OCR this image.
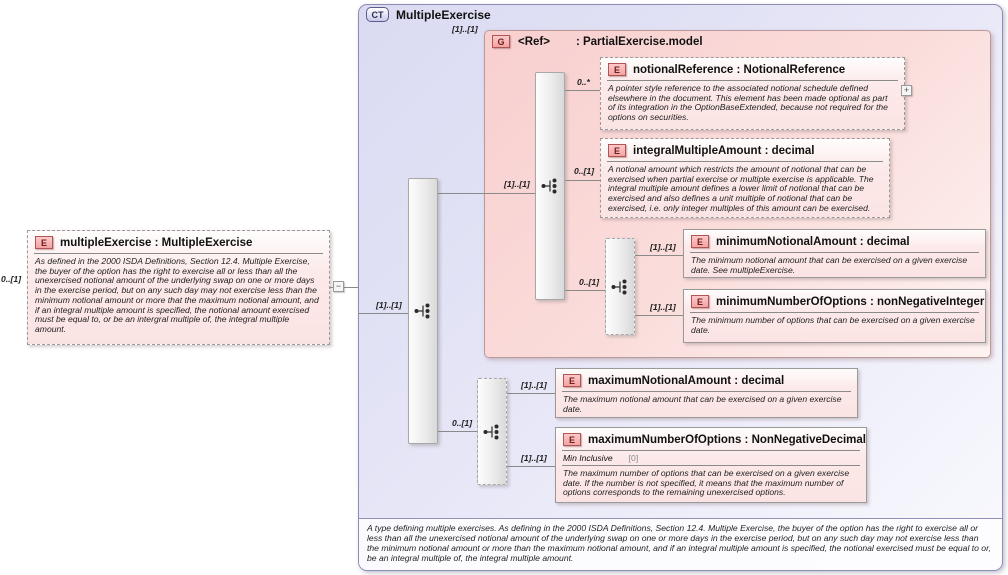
CT	MultipleExercise
G	<Ref> : PartialExercise.model
E	multipleExercise : MultipleExercise
As defined in the 2000 ISDA Definitions, Section 12.4. Multiple Exercise, the buyer of the option has the right to exercise all or less than all the unexercised notional amount of the underlying swap on one or more days in the exercise period, but on any such day may not exercise less than the minimum notional amount or more that the maximum notional amount, and if an integral multiple amount is specified, the notional amount exercised must be equal to, or be an intergral multiple of, the integral multiple amount.
0..[1]
−
[1]..[1]
[1]..[1]
[1]..[1]
0..*
E	notionalReference : NotionalReference
A pointer style reference to the associated notional schedule defined elsewhere in the document. This element has been made optional as part of its integration in the OptionBaseExtended, because not required for the options on securities.
+
0..[1]
E	integralMultipleAmount : decimal
A notional amount which restricts the amount of notional that can be exercised when partial exercise or multiple exercise is applicable. The integral multiple amount defines a lower limit of notional that can be exercised and also defines a unit multiple of notional that can be exercised, i.e. only integer multiples of this amount can be exercised.
0..[1]
[1]..[1]
E	minimumNotionalAmount : decimal
The minimum notional amount that can be exercised on a given exercise date. See multipleExercise.
[1]..[1]
E	minimumNumberOfOptions : nonNegativeInteger
The minimum number of options that can be exercised on a given exercise date.
0..[1]
[1]..[1]	E	maximumNotionalAmount : decimal
The maximum notional amount that can be exercised on a given exercise date.
[1]..[1]
E	maximumNumberOfOptions : NonNegativeDecimal
Min Inclusive [0]
The maximum number of options that can be exercised on a given exercise date. If the number is not specified, it means that the maximum number of options corresponds to the remaining unexercised options.
A type defining multiple exercises. As defining in the 2000 ISDA Definitions, Section 12.4. Multiple Exercise, the buyer of the option has the right to exercise all or less than all the unexercised notional amount of the underlying swap on one or more days in the exercise period, but on any such day may not exercise less than the minimum notional amount or more than the maximum notional amount, and if an integral multiple amount is specified, the notional exercised must be equal to or, be an integral multiple of, the integral multiple amount.
